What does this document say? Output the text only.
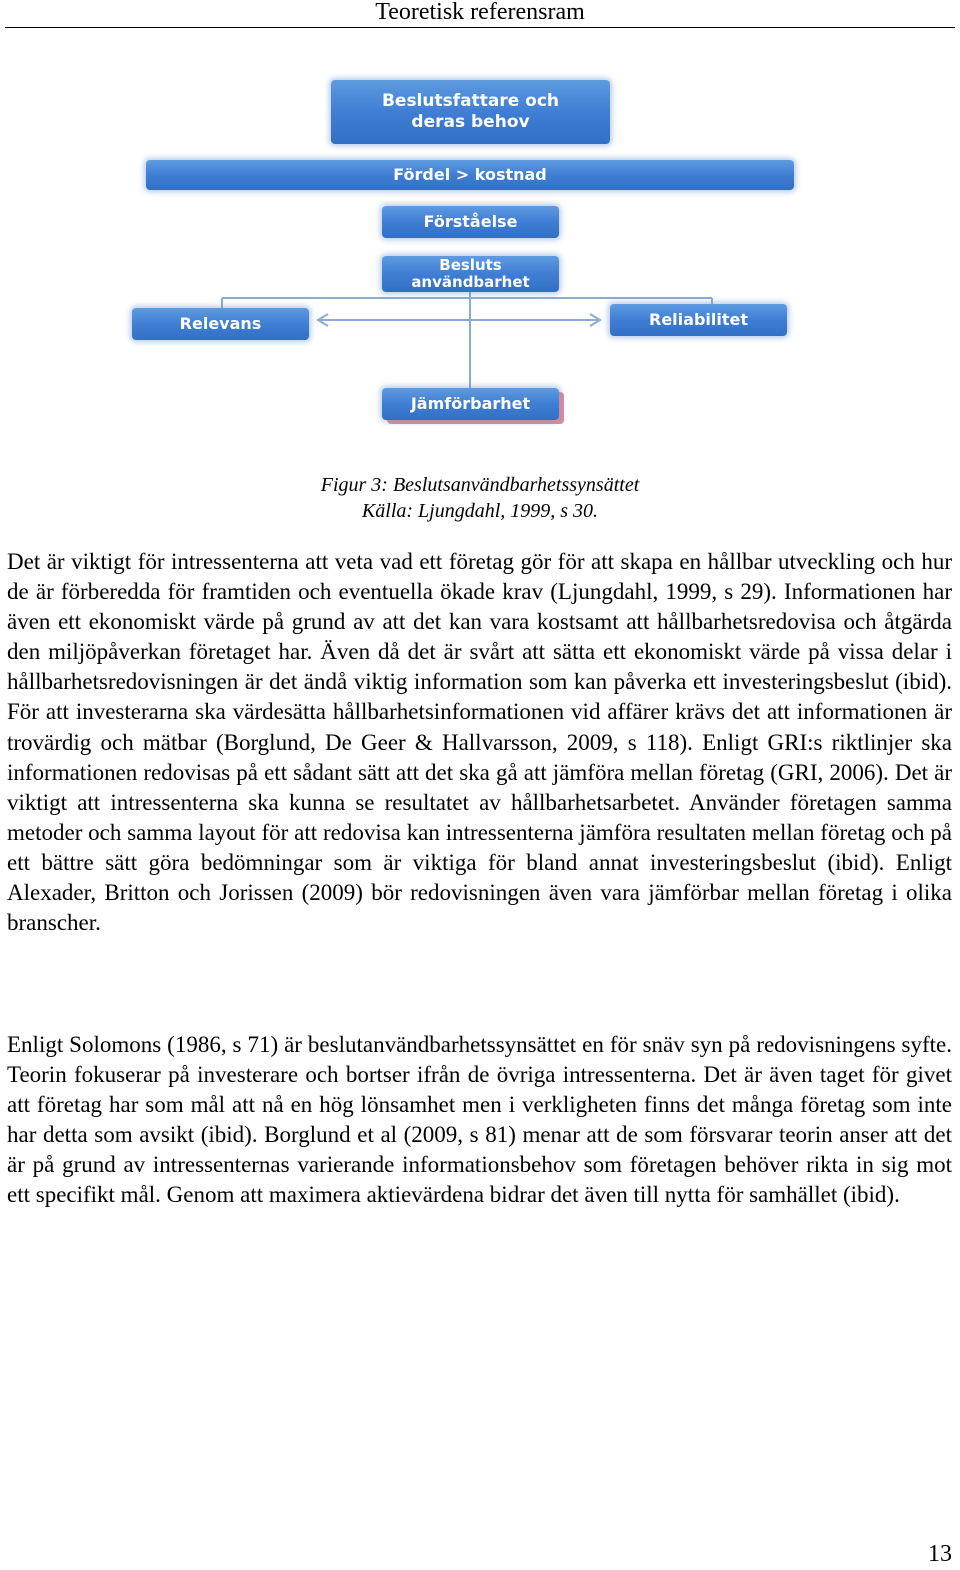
Teoretisk referensram
Beslutsfattare och deras behov
Fördel > kostnad
Förståelse
Besluts användbarhet
Relevans	Reliabilitet
Jämförbarhet
Figur 3: Beslutsanvändbarhetssynsättet
Källa: Ljungdahl, 1999, s 30.

Det är viktigt för intressenterna att veta vad ett företag gör för att skapa en hållbar utveckling och hur de är förberedda för framtiden och eventuella ökade krav (Ljungdahl, 1999, s 29). Informationen har även ett ekonomiskt värde på grund av att det kan vara kostsamt att hållbarhetsredovisa och åtgärda den miljöpåverkan företaget har. Även då det är svårt att sätta ett ekonomiskt värde på vissa delar i hållbarhetsredovisningen är det ändå viktig information som kan påverka ett investeringsbeslut (ibid). För att investerarna ska värdesätta hållbarhetsinformationen vid affärer krävs det att informationen är trovärdig och mätbar (Borglund, De Geer & Hallvarsson, 2009, s 118). Enligt GRI:s riktlinjer ska informationen redovisas på ett sådant sätt att det ska gå att jämföra mellan företag (GRI, 2006). Det är viktigt att intressenterna ska kunna se resultatet av hållbarhetsarbetet. Använder företagen samma metoder och samma layout för att redovisa kan intressenterna jämföra resultaten mellan företag och på ett bättre sätt göra bedömningar som är viktiga för bland annat investeringsbeslut (ibid). Enligt Alexader, Britton och Jorissen (2009) bör redovisningen även vara jämförbar mellan företag i olika branscher.

Enligt Solomons (1986, s 71) är beslutanvändbarhetssynsättet en för snäv syn på redovisningens syfte. Teorin fokuserar på investerare och bortser ifrån de övriga intressenterna. Det är även taget för givet att företag har som mål att nå en hög lönsamhet men i verkligheten finns det många företag som inte har detta som avsikt (ibid). Borglund et al (2009, s 81) menar att de som försvarar teorin anser att det är på grund av intressenternas varierande informationsbehov som företagen behöver rikta in sig mot ett specifikt mål. Genom att maximera aktievärdena bidrar det även till nytta för samhället (ibid).

13
